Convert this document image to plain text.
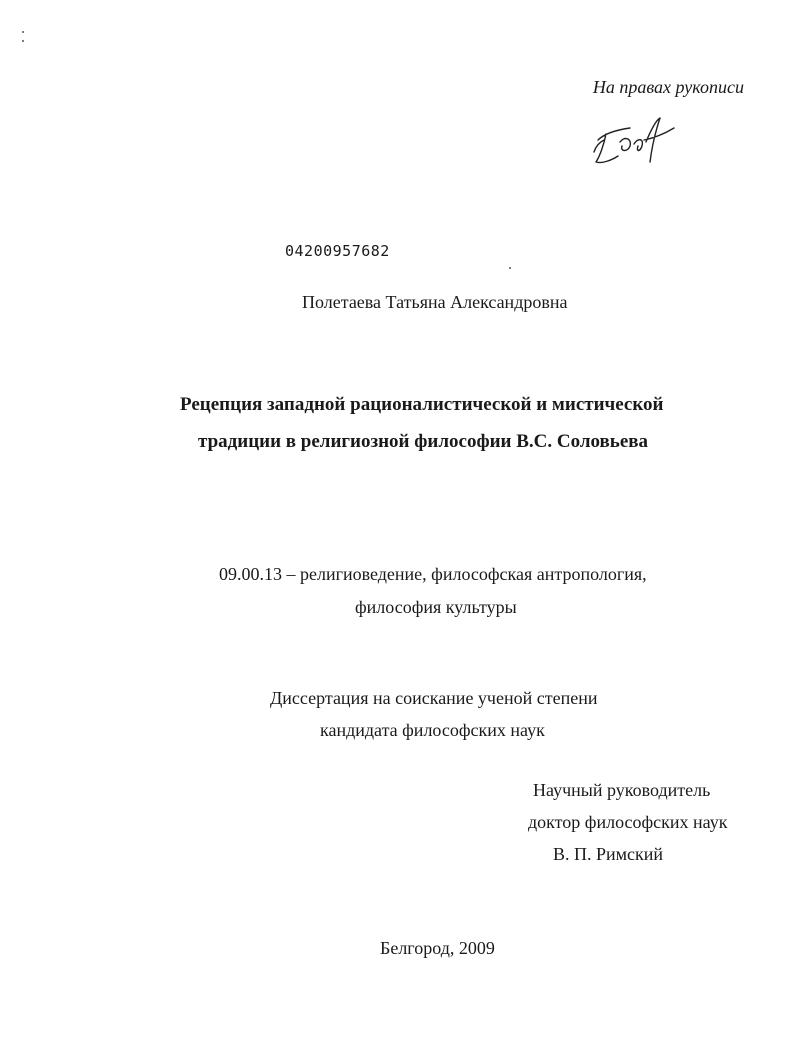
На правах рукописи
04200957682
Полетаева Татьяна Александровна
Рецепция западной рационалистической и мистической
традиции в религиозной философии В.С. Соловьева
09.00.13 – религиоведение, философская антропология,
философия культуры
Диссертация на соискание ученой степени
кандидата философских наук
Научный руководитель
доктор философских наук
В. П. Римский
Белгород, 2009
